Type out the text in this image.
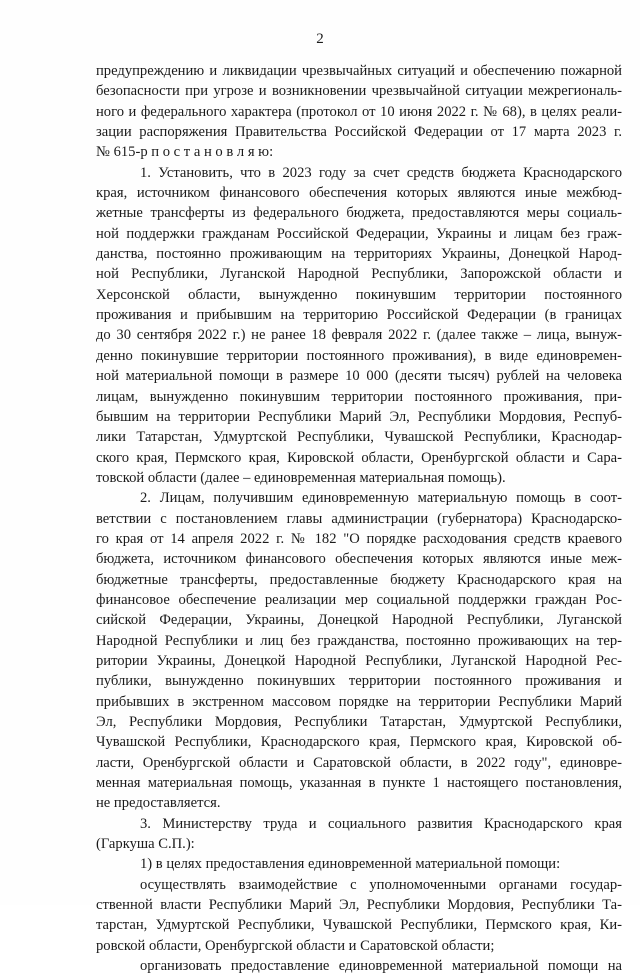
2
предупреждению и ликвидации чрезвычайных ситуаций и обеспечению пожарной
безопасности при угрозе и возникновении чрезвычайной ситуации межрегиональ-
ного и федерального характера (протокол от 10 июня 2022 г. № 68), в целях реали-
зации распоряжения Правительства Российской Федерации от 17 марта 2023 г.
№ 615-р п о с т а н о в л я ю:
1. Установить, что в 2023 году за счет средств бюджета Краснодарского
края, источником финансового обеспечения которых являются иные межбюд-
жетные трансферты из федерального бюджета, предоставляются меры социаль-
ной поддержки гражданам Российской Федерации, Украины и лицам без граж-
данства, постоянно проживающим на территориях Украины, Донецкой Народ-
ной Республики, Луганской Народной Республики, Запорожской области и
Херсонской области, вынужденно покинувшим территории постоянного
проживания и прибывшим на территорию Российской Федерации (в границах
до 30 сентября 2022 г.) не ранее 18 февраля 2022 г. (далее также – лица, вынуж-
денно покинувшие территории постоянного проживания), в виде единовремен-
ной материальной помощи в размере 10 000 (десяти тысяч) рублей на человека
лицам, вынужденно покинувшим территории постоянного проживания, при-
бывшим на территории Республики Марий Эл, Республики Мордовия, Респуб-
лики Татарстан, Удмуртской Республики, Чувашской Республики, Краснодар-
ского края, Пермского края, Кировской области, Оренбургской области и Сара-
товской области (далее – единовременная материальная помощь).
2. Лицам, получившим единовременную материальную помощь в соот-
ветствии с постановлением главы администрации (губернатора) Краснодарско-
го края от 14 апреля 2022 г. № 182 "О порядке расходования средств краевого
бюджета, источником финансового обеспечения которых являются иные меж-
бюджетные трансферты, предоставленные бюджету Краснодарского края на
финансовое обеспечение реализации мер социальной поддержки граждан Рос-
сийской Федерации, Украины, Донецкой Народной Республики, Луганской
Народной Республики и лиц без гражданства, постоянно проживающих на тер-
ритории Украины, Донецкой Народной Республики, Луганской Народной Рес-
публики, вынужденно покинувших территории постоянного проживания и
прибывших в экстренном массовом порядке на территории Республики Марий
Эл, Республики Мордовия, Республики Татарстан, Удмуртской Республики,
Чувашской Республики, Краснодарского края, Пермского края, Кировской об-
ласти, Оренбургской области и Саратовской области, в 2022 году", единовре-
менная материальная помощь, указанная в пункте 1 настоящего постановления,
не предоставляется.
3. Министерству труда и социального развития Краснодарского края
(Гаркуша С.П.):
1) в целях предоставления единовременной материальной помощи:
осуществлять взаимодействие с уполномоченными органами государ-
ственной власти Республики Марий Эл, Республики Мордовия, Республики Та-
тарстан, Удмуртской Республики, Чувашской Республики, Пермского края, Ки-
ровской области, Оренбургской области и Саратовской области;
организовать предоставление единовременной материальной помощи на
